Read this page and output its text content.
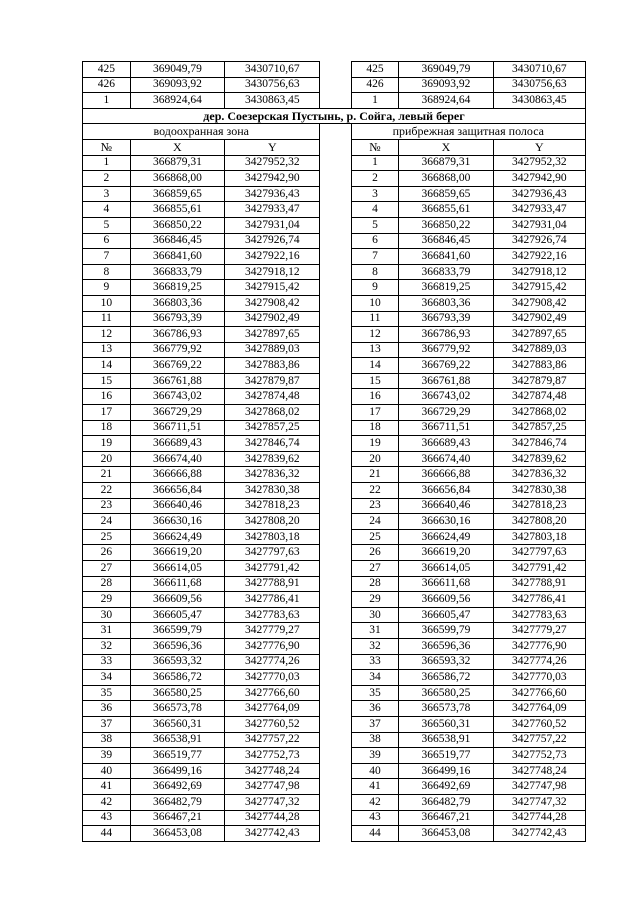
425	369049,79	3430710,67		425	369049,79	3430710,67
426	369093,92	3430756,63		426	369093,92	3430756,63
1	368924,64	3430863,45		1	368924,64	3430863,45
дер. Соезерская Пустынь, р. Сойга, левый берег						
водоохранная зона				прибрежная защитная полоса		
№	X	Y		№	X	Y
1	366879,31	3427952,32		1	366879,31	3427952,32
2	366868,00	3427942,90		2	366868,00	3427942,90
3	366859,65	3427936,43		3	366859,65	3427936,43
4	366855,61	3427933,47		4	366855,61	3427933,47
5	366850,22	3427931,04		5	366850,22	3427931,04
6	366846,45	3427926,74		6	366846,45	3427926,74
7	366841,60	3427922,16		7	366841,60	3427922,16
8	366833,79	3427918,12		8	366833,79	3427918,12
9	366819,25	3427915,42		9	366819,25	3427915,42
10	366803,36	3427908,42		10	366803,36	3427908,42
11	366793,39	3427902,49		11	366793,39	3427902,49
12	366786,93	3427897,65		12	366786,93	3427897,65
13	366779,92	3427889,03		13	366779,92	3427889,03
14	366769,22	3427883,86		14	366769,22	3427883,86
15	366761,88	3427879,87		15	366761,88	3427879,87
16	366743,02	3427874,48		16	366743,02	3427874,48
17	366729,29	3427868,02		17	366729,29	3427868,02
18	366711,51	3427857,25		18	366711,51	3427857,25
19	366689,43	3427846,74		19	366689,43	3427846,74
20	366674,40	3427839,62		20	366674,40	3427839,62
21	366666,88	3427836,32		21	366666,88	3427836,32
22	366656,84	3427830,38		22	366656,84	3427830,38
23	366640,46	3427818,23		23	366640,46	3427818,23
24	366630,16	3427808,20		24	366630,16	3427808,20
25	366624,49	3427803,18		25	366624,49	3427803,18
26	366619,20	3427797,63		26	366619,20	3427797,63
27	366614,05	3427791,42		27	366614,05	3427791,42
28	366611,68	3427788,91		28	366611,68	3427788,91
29	366609,56	3427786,41		29	366609,56	3427786,41
30	366605,47	3427783,63		30	366605,47	3427783,63
31	366599,79	3427779,27		31	366599,79	3427779,27
32	366596,36	3427776,90		32	366596,36	3427776,90
33	366593,32	3427774,26		33	366593,32	3427774,26
34	366586,72	3427770,03		34	366586,72	3427770,03
35	366580,25	3427766,60		35	366580,25	3427766,60
36	366573,78	3427764,09		36	366573,78	3427764,09
37	366560,31	3427760,52		37	366560,31	3427760,52
38	366538,91	3427757,22		38	366538,91	3427757,22
39	366519,77	3427752,73		39	366519,77	3427752,73
40	366499,16	3427748,24		40	366499,16	3427748,24
41	366492,69	3427747,98		41	366492,69	3427747,98
42	366482,79	3427747,32		42	366482,79	3427747,32
43	366467,21	3427744,28		43	366467,21	3427744,28
44	366453,08	3427742,43		44	366453,08	3427742,43
